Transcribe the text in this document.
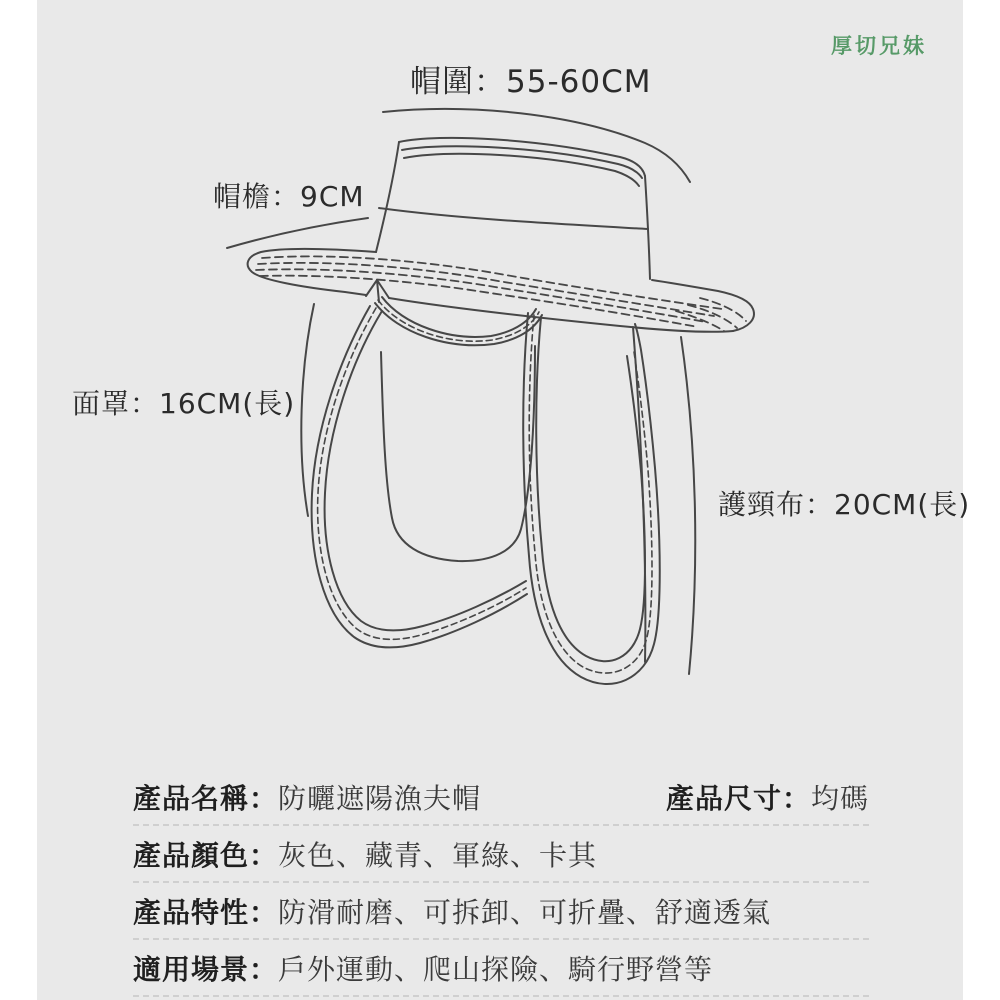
厚切兄妹
帽圍：55-60CM
帽檐：9CM
面罩：16CM(長)
護頸布：20CM(長)
產品名稱：防曬遮陽漁夫帽	產品尺寸：均碼
產品顏色：灰色、藏青、軍綠、卡其
產品特性：防滑耐磨、可拆卸、可折疊、舒適透氣
適用場景：戶外運動、爬山探險、騎行野營等
